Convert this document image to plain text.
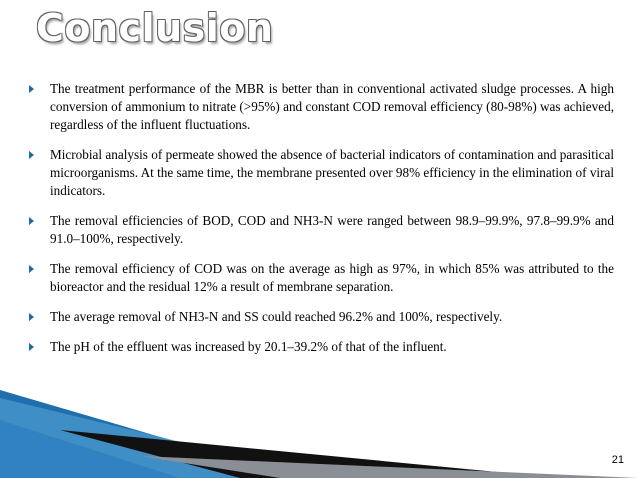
Conclusion
The treatment performance of the MBR is better than in conventional activated sludge processes. A high conversion of ammonium to nitrate (>95%) and constant COD removal efficiency (80-98%) was achieved, regardless of the influent fluctuations.
Microbial analysis of permeate showed the absence of bacterial indicators of contamination and parasitical microorganisms. At the same time, the membrane presented over 98% efficiency in the elimination of viral indicators.
The removal efficiencies of BOD, COD and NH3-N were ranged between 98.9–99.9%, 97.8–99.9% and 91.0–100%, respectively.
The removal efficiency of COD was on the average as high as 97%, in which 85% was attributed to the bioreactor and the residual 12% a result of membrane separation.
The average removal of NH3-N and SS could reached 96.2% and 100%, respectively.
The pH of the effluent was increased by 20.1–39.2% of that of the influent.
21
